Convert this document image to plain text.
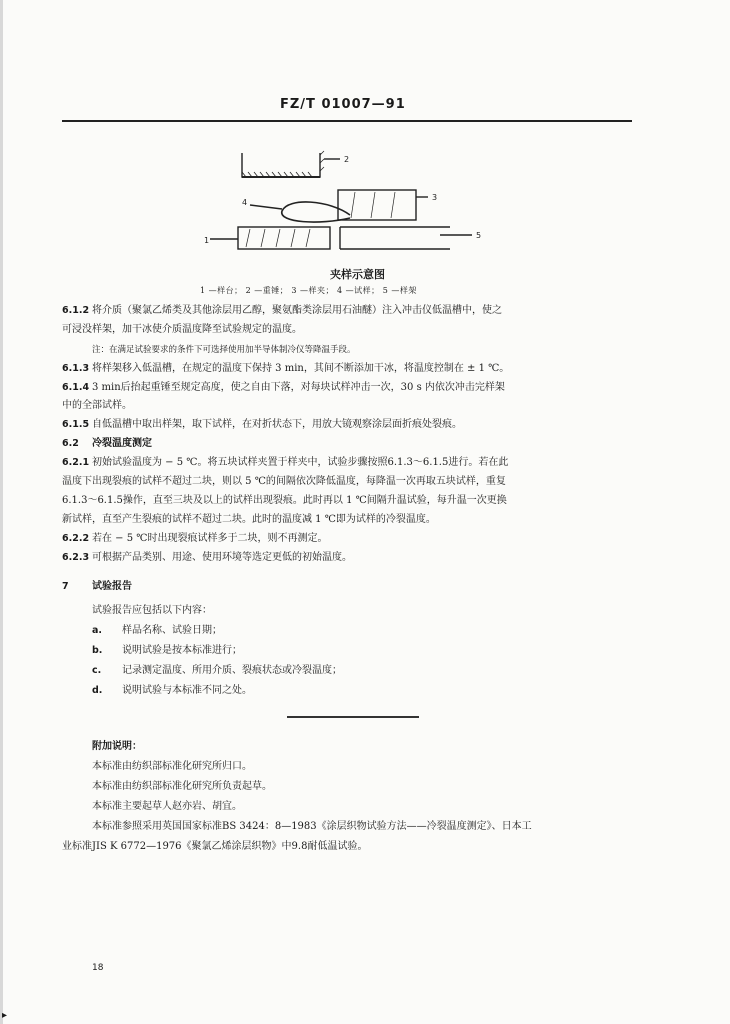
FZ/T 01007—91
1
2
3
4
5
夹样示意图
1 —样台； 2 —重锤； 3 —样夹； 4 —试样； 5 —样架
6.1.2 将介质（聚氯乙烯类及其他涂层用乙醇，聚氨酯类涂层用石油醚）注入冲击仪低温槽中，使之
可浸没样架，加干冰使介质温度降至试验规定的温度。
注：在满足试验要求的条件下可选择使用加半导体制冷仪等降温手段。
6.1.3 将样架移入低温槽，在规定的温度下保持 3 min，其间不断添加干冰，将温度控制在 ± 1 ℃。
6.1.4 3 min后抬起重锤至规定高度，使之自由下落，对每块试样冲击一次，30 s 内依次冲击完样架
中的全部试样。
6.1.5 自低温槽中取出样架，取下试样，在对折状态下，用放大镜观察涂层面折痕处裂痕。
6.2 冷裂温度测定
6.2.1 初始试验温度为 − 5 ℃。将五块试样夹置于样夹中，试验步骤按照6.1.3～6.1.5进行。若在此
温度下出现裂痕的试样不超过二块，则以 5 ℃的间隔依次降低温度，每降温一次再取五块试样，重复
6.1.3～6.1.5操作，直至三块及以上的试样出现裂痕。此时再以 1 ℃间隔升温试验，每升温一次更换
新试样，直至产生裂痕的试样不超过二块。此时的温度减 1 ℃即为试样的冷裂温度。
6.2.2 若在 − 5 ℃时出现裂痕试样多于二块，则不再测定。
6.2.3 可根据产品类别、用途、使用环境等选定更低的初始温度。
7 试验报告
试验报告应包括以下内容：
a. 样品名称、试验日期；
b. 说明试验是按本标准进行；
c. 记录测定温度、所用介质、裂痕状态或冷裂温度；
d. 说明试验与本标准不同之处。
附加说明：
本标准由纺织部标准化研究所归口。
本标准由纺织部标准化研究所负责起草。
本标准主要起草人赵亦岩、胡宜。
本标准参照采用英国国家标准BS 3424：8—1983《涂层织物试验方法——冷裂温度测定》、日本工
业标准JIS K 6772—1976《聚氯乙烯涂层织物》中9.8耐低温试验。
18
▸
